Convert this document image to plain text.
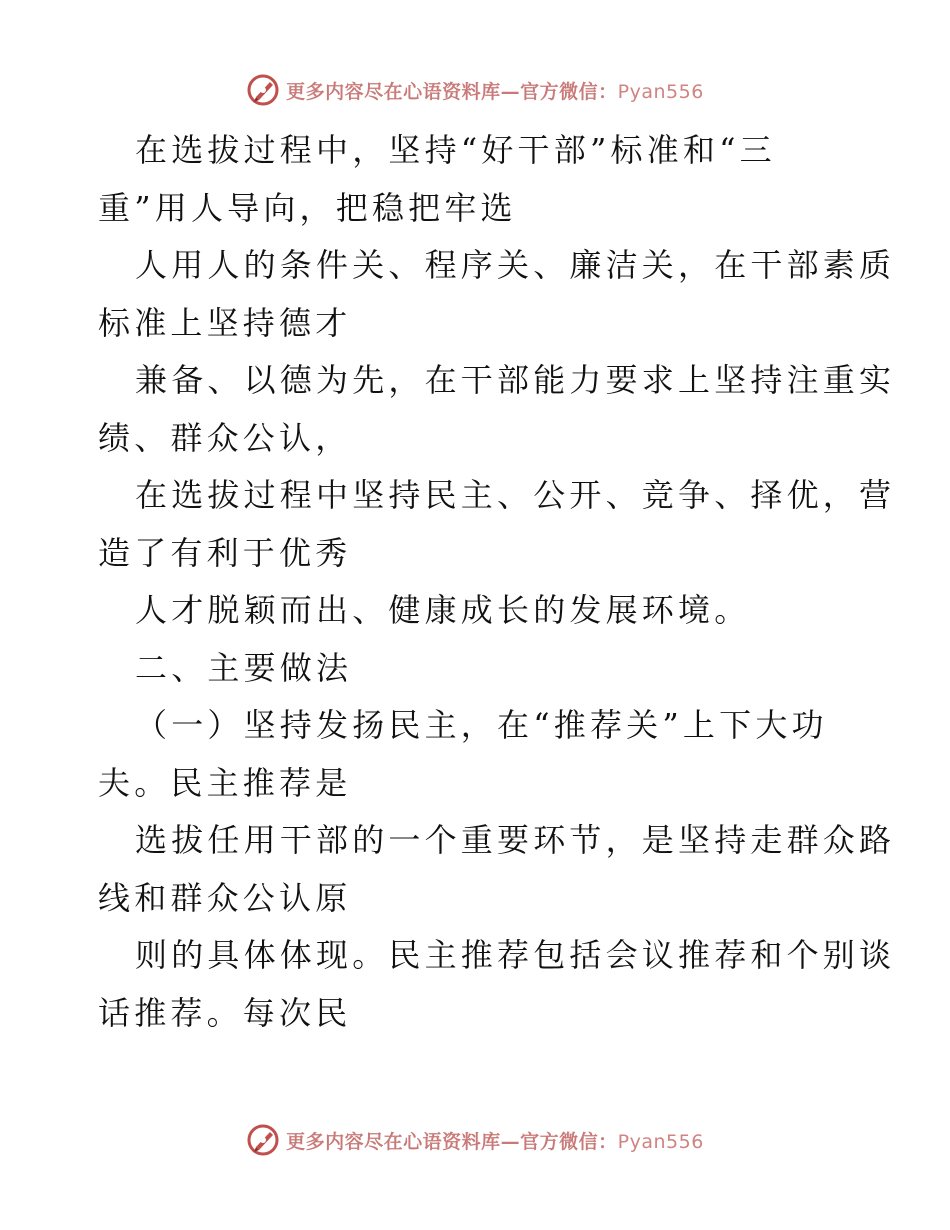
更多内容尽在心语资料库—官方微信：Pyan556
在选拔过程中，坚持“好干部”标准和“三
重”用人导向，把稳把牢选
人用人的条件关、程序关、廉洁关，在干部素质
标准上坚持德才
兼备、以德为先，在干部能力要求上坚持注重实
绩、群众公认，
在选拔过程中坚持民主、公开、竞争、择优，营
造了有利于优秀
人才脱颖而出、健康成长的发展环境。
二、主要做法
（一）坚持发扬民主，在“推荐关”上下大功
夫。民主推荐是
选拔任用干部的一个重要环节，是坚持走群众路
线和群众公认原
则的具体体现。民主推荐包括会议推荐和个别谈
话推荐。每次民
更多内容尽在心语资料库—官方微信：Pyan556
